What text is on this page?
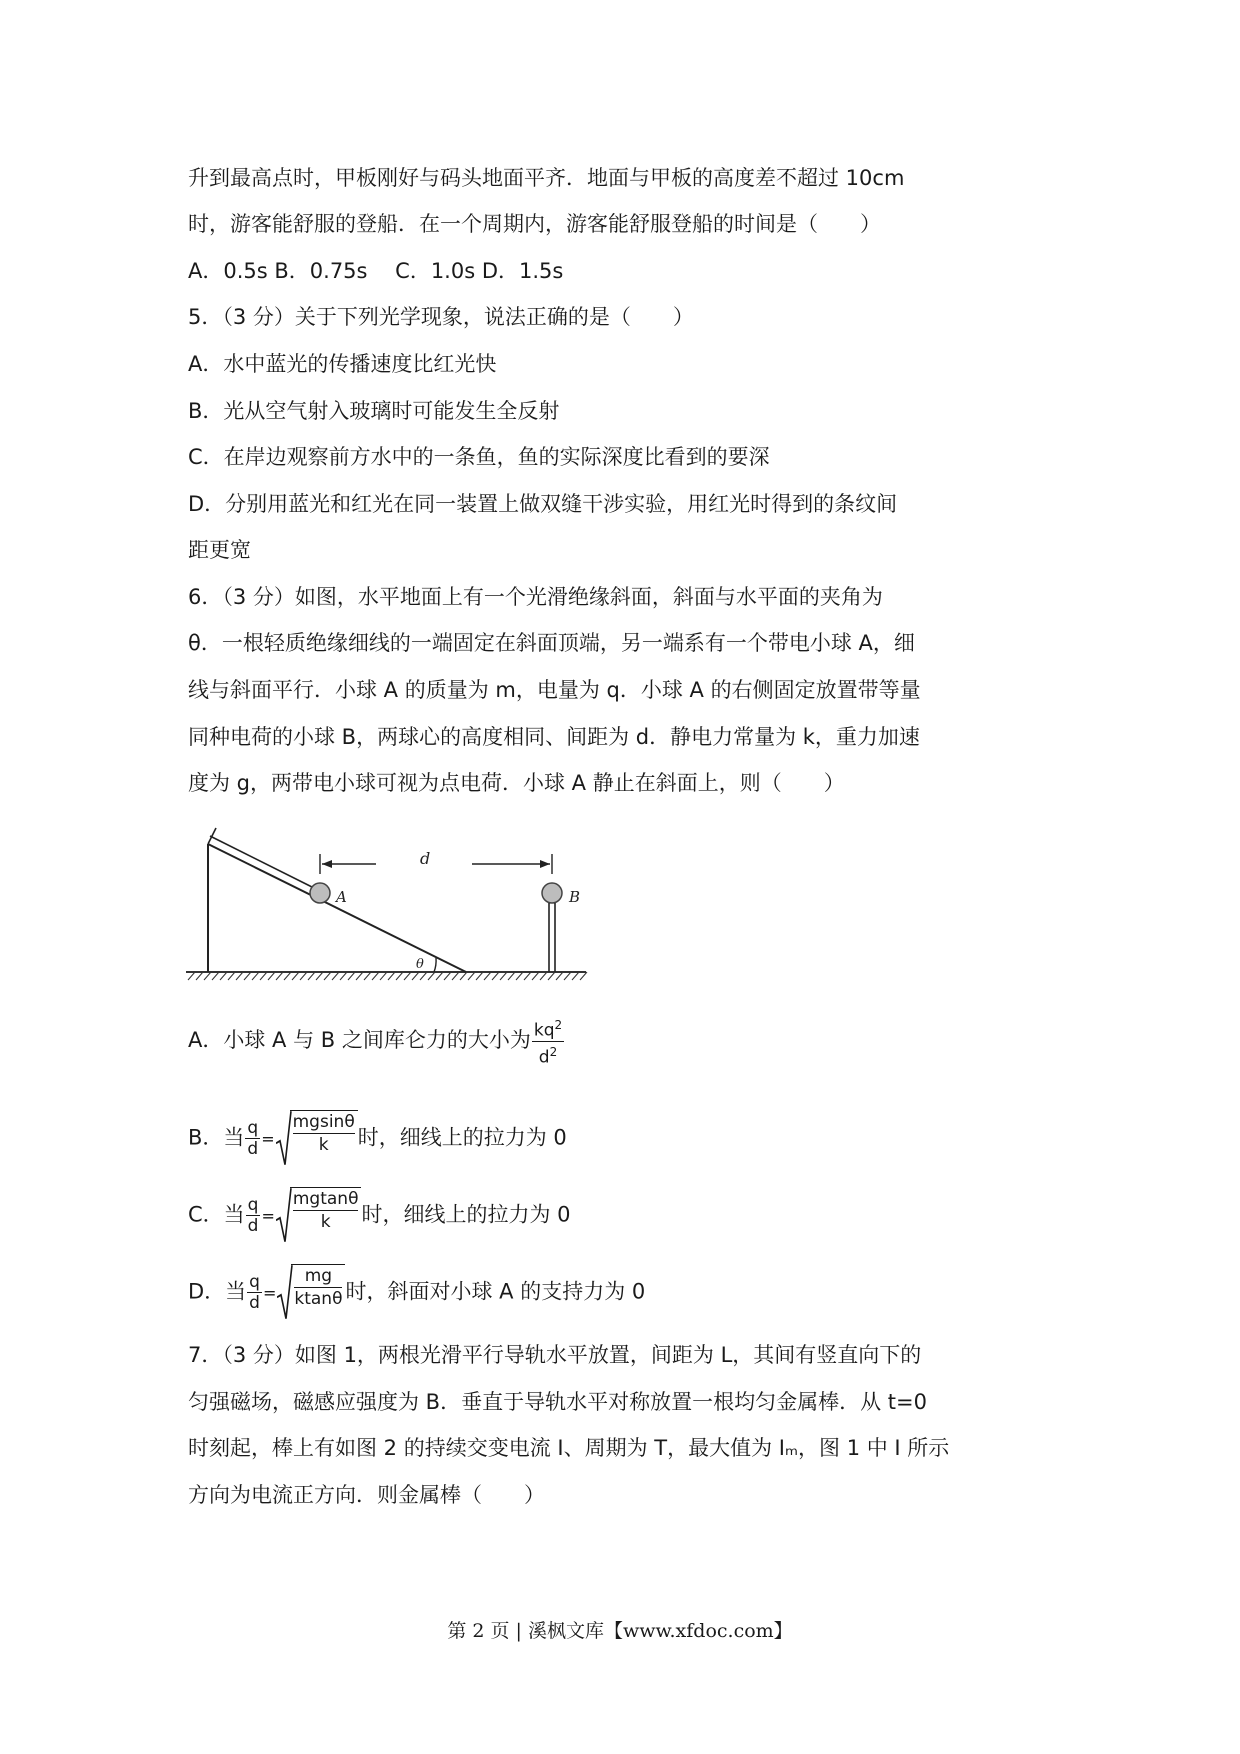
升到最高点时，甲板刚好与码头地面平齐．地面与甲板的高度差不超过 10cm
时，游客能舒服的登船．在一个周期内，游客能舒服登船的时间是（　　）
A．0.5s B．0.75s　 C．1.0s D．1.5s
5．（3 分）关于下列光学现象，说法正确的是（　　）
A．水中蓝光的传播速度比红光快
B．光从空气射入玻璃时可能发生全反射
C．在岸边观察前方水中的一条鱼，鱼的实际深度比看到的要深
D．分别用蓝光和红光在同一装置上做双缝干涉实验，用红光时得到的条纹间
距更宽
6．（3 分）如图，水平地面上有一个光滑绝缘斜面，斜面与水平面的夹角为
θ．一根轻质绝缘细线的一端固定在斜面顶端，另一端系有一个带电小球 A，细
线与斜面平行．小球 A 的质量为 m，电量为 q．小球 A 的右侧固定放置带等量
同种电荷的小球 B，两球心的高度相同、间距为 d．静电力常量为 k，重力加速
度为 g，两带电小球可视为点电荷．小球 A 静止在斜面上，则（　　）
A	B
d
θ
A．小球 A 与 B 之间库仑力的大小为 $\frac{kq^2}{d^2}$
B．当 $\frac{q}{d} = \frac{mgsin\theta}{k}$ 时，细线上的拉力为 0
C．当 $\frac{q}{d} = \frac{mgtan\theta}{k}$ 时，细线上的拉力为 0
D．当 $\frac{q}{d} = \frac{mg}{ktan\theta}$ 时，斜面对小球 A 的支持力为 0
7．（3 分）如图 1，两根光滑平行导轨水平放置，间距为 L，其间有竖直向下的
匀强磁场，磁感应强度为 B．垂直于导轨水平对称放置一根均匀金属棒．从 t=0
时刻起，棒上有如图 2 的持续交变电流 I、周期为 T，最大值为 Iₘ，图 1 中 I 所示
方向为电流正方向．则金属棒（　　）
第 2 页 | 溪枫文库【www.xfdoc.com】
